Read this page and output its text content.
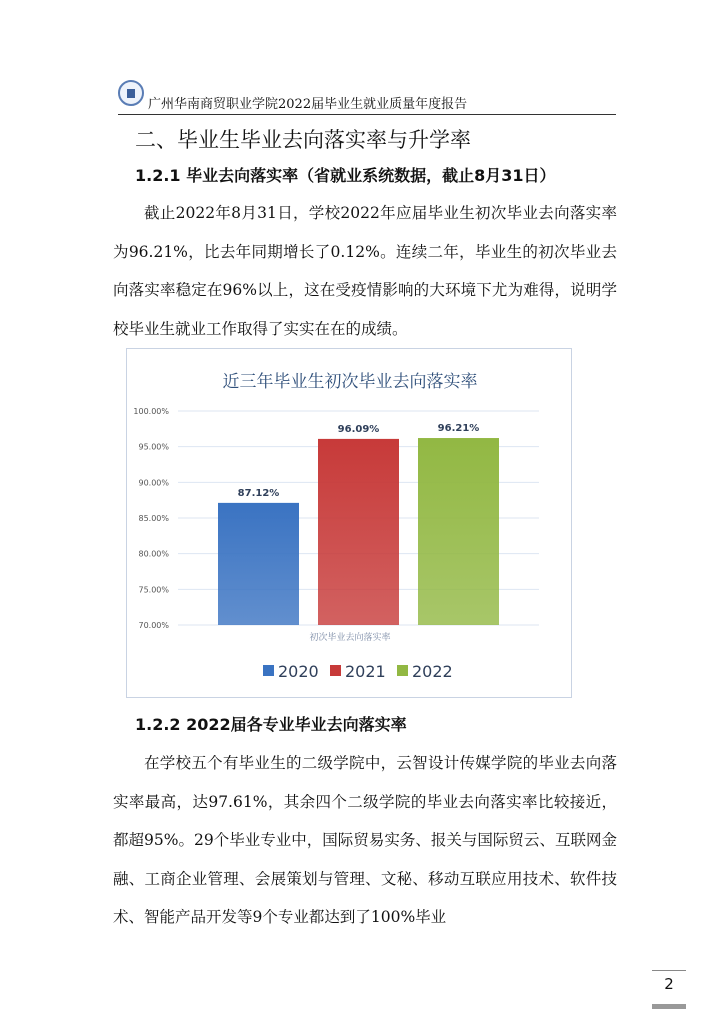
广州华南商贸职业学院2022届毕业生就业质量年度报告
二、毕业生毕业去向落实率与升学率
1.2.1 毕业去向落实率（省就业系统数据，截止8月31日）
截止2022年8月31日，学校2022年应届毕业生初次毕业去向落实率为96.21%，比去年同期增长了0.12%。连续二年，毕业生的初次毕业去向落实率稳定在96%以上，这在受疫情影响的大环境下尤为难得，说明学校毕业生就业工作取得了实实在在的成绩。
近三年毕业生初次毕业去向落实率
100.00%
95.00%
90.00%
85.00%
80.00%
75.00%
70.00%
87.12%
2020
96.09%
2021
96.21%
2022
初次毕业去向落实率
1.2.2 2022届各专业毕业去向落实率
在学校五个有毕业生的二级学院中，云智设计传媒学院的毕业去向落实率最高，达97.61%，其余四个二级学院的毕业去向落实率比较接近，都超95%。29个毕业专业中，国际贸易实务、报关与国际贸云、互联网金融、工商企业管理、会展策划与管理、文秘、移动互联应用技术、软件技术、智能产品开发等9个专业都达到了100%毕业
2
